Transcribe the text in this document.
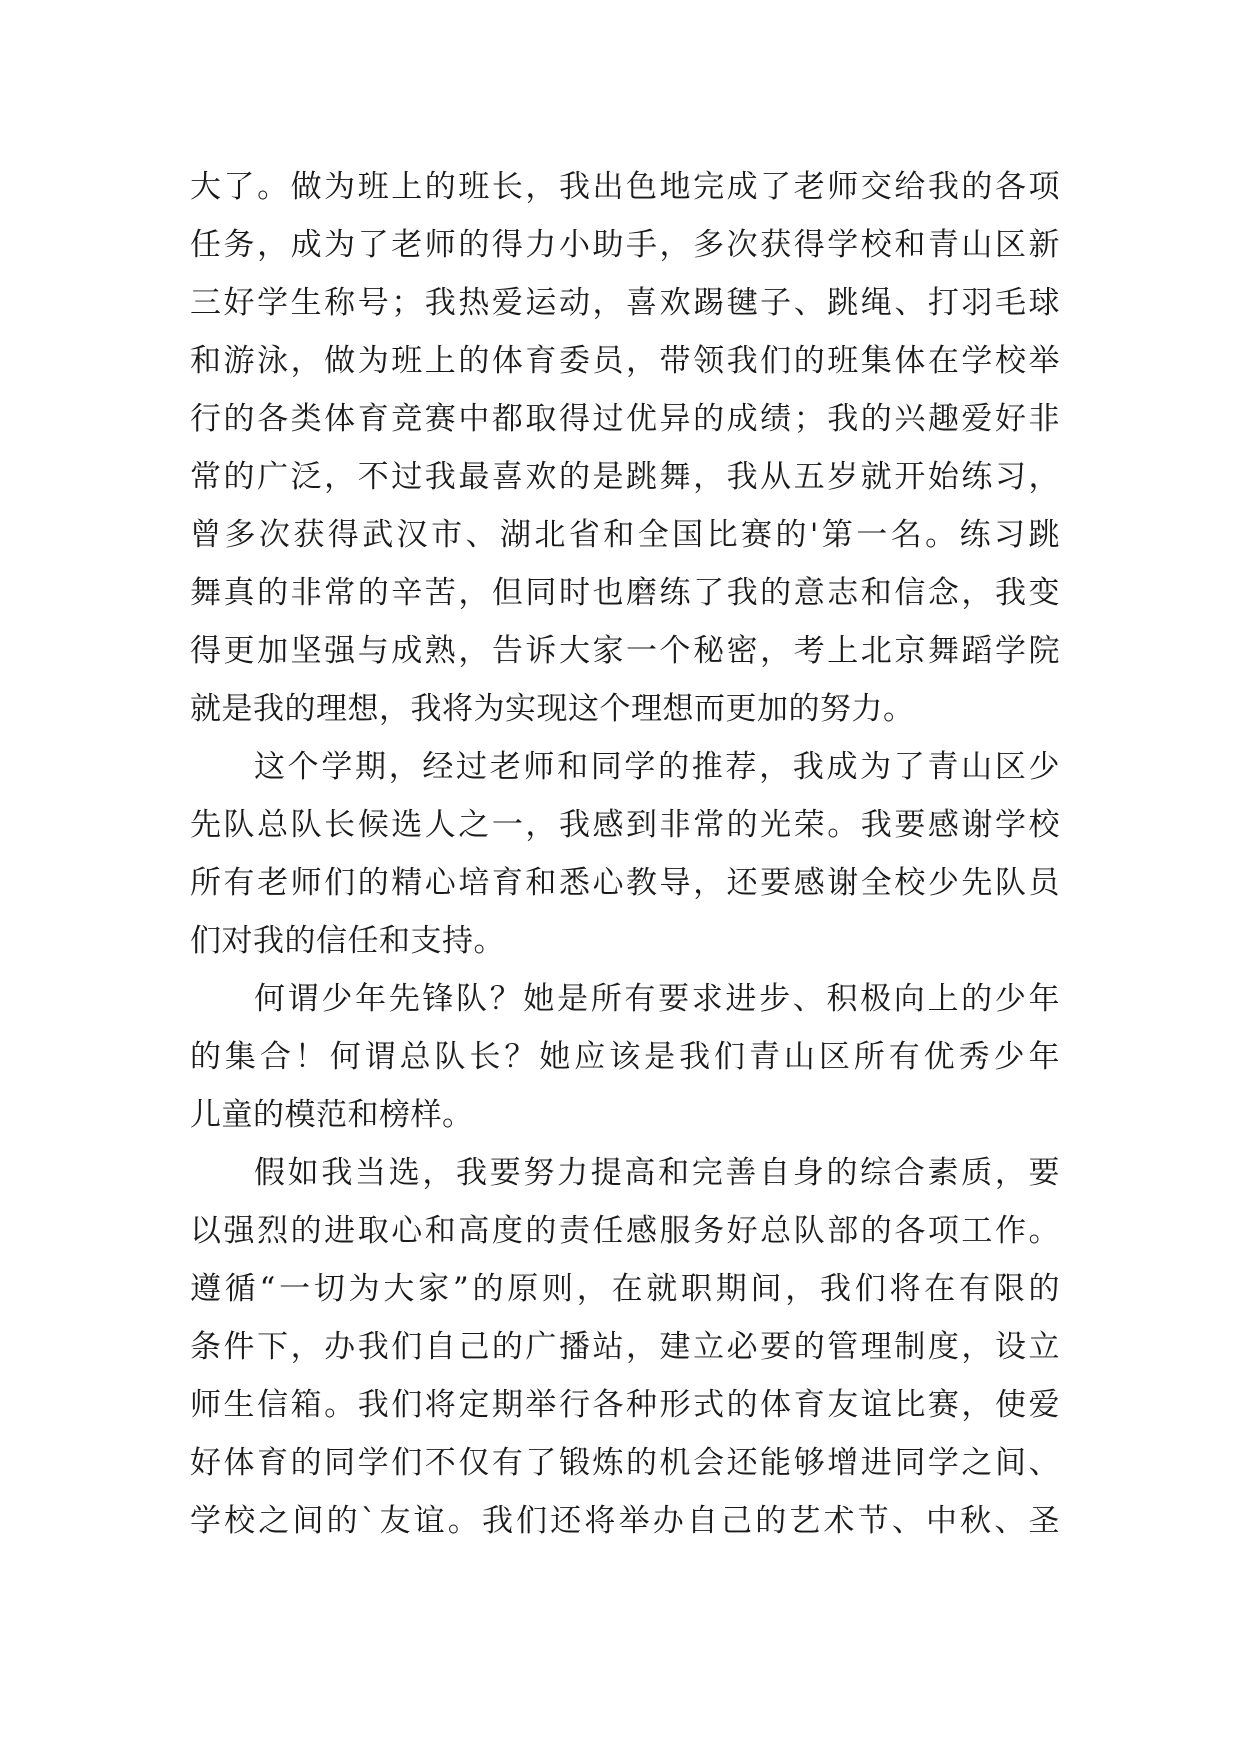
大了。做为班上的班长，我出色地完成了老师交给我的各项
任务，成为了老师的得力小助手，多次获得学校和青山区新
三好学生称号；我热爱运动，喜欢踢毽子、跳绳、打羽毛球
和游泳，做为班上的体育委员，带领我们的班集体在学校举
行的各类体育竞赛中都取得过优异的成绩；我的兴趣爱好非
常的广泛，不过我最喜欢的是跳舞，我从五岁就开始练习，
曾多次获得武汉市、湖北省和全国比赛的'第一名。练习跳
舞真的非常的辛苦，但同时也磨练了我的意志和信念，我变
得更加坚强与成熟，告诉大家一个秘密，考上北京舞蹈学院
就是我的理想，我将为实现这个理想而更加的努力。
这个学期，经过老师和同学的推荐，我成为了青山区少
先队总队长候选人之一，我感到非常的光荣。我要感谢学校
所有老师们的精心培育和悉心教导，还要感谢全校少先队员
们对我的信任和支持。
何谓少年先锋队？她是所有要求进步、积极向上的少年
的集合！何谓总队长？她应该是我们青山区所有优秀少年
儿童的模范和榜样。
假如我当选，我要努力提高和完善自身的综合素质，要
以强烈的进取心和高度的责任感服务好总队部的各项工作。
遵循“一切为大家”的原则，在就职期间，我们将在有限的
条件下，办我们自己的广播站，建立必要的管理制度，设立
师生信箱。我们将定期举行各种形式的体育友谊比赛，使爱
好体育的同学们不仅有了锻炼的机会还能够增进同学之间、
学校之间的`友谊。我们还将举办自己的艺术节、中秋、圣
